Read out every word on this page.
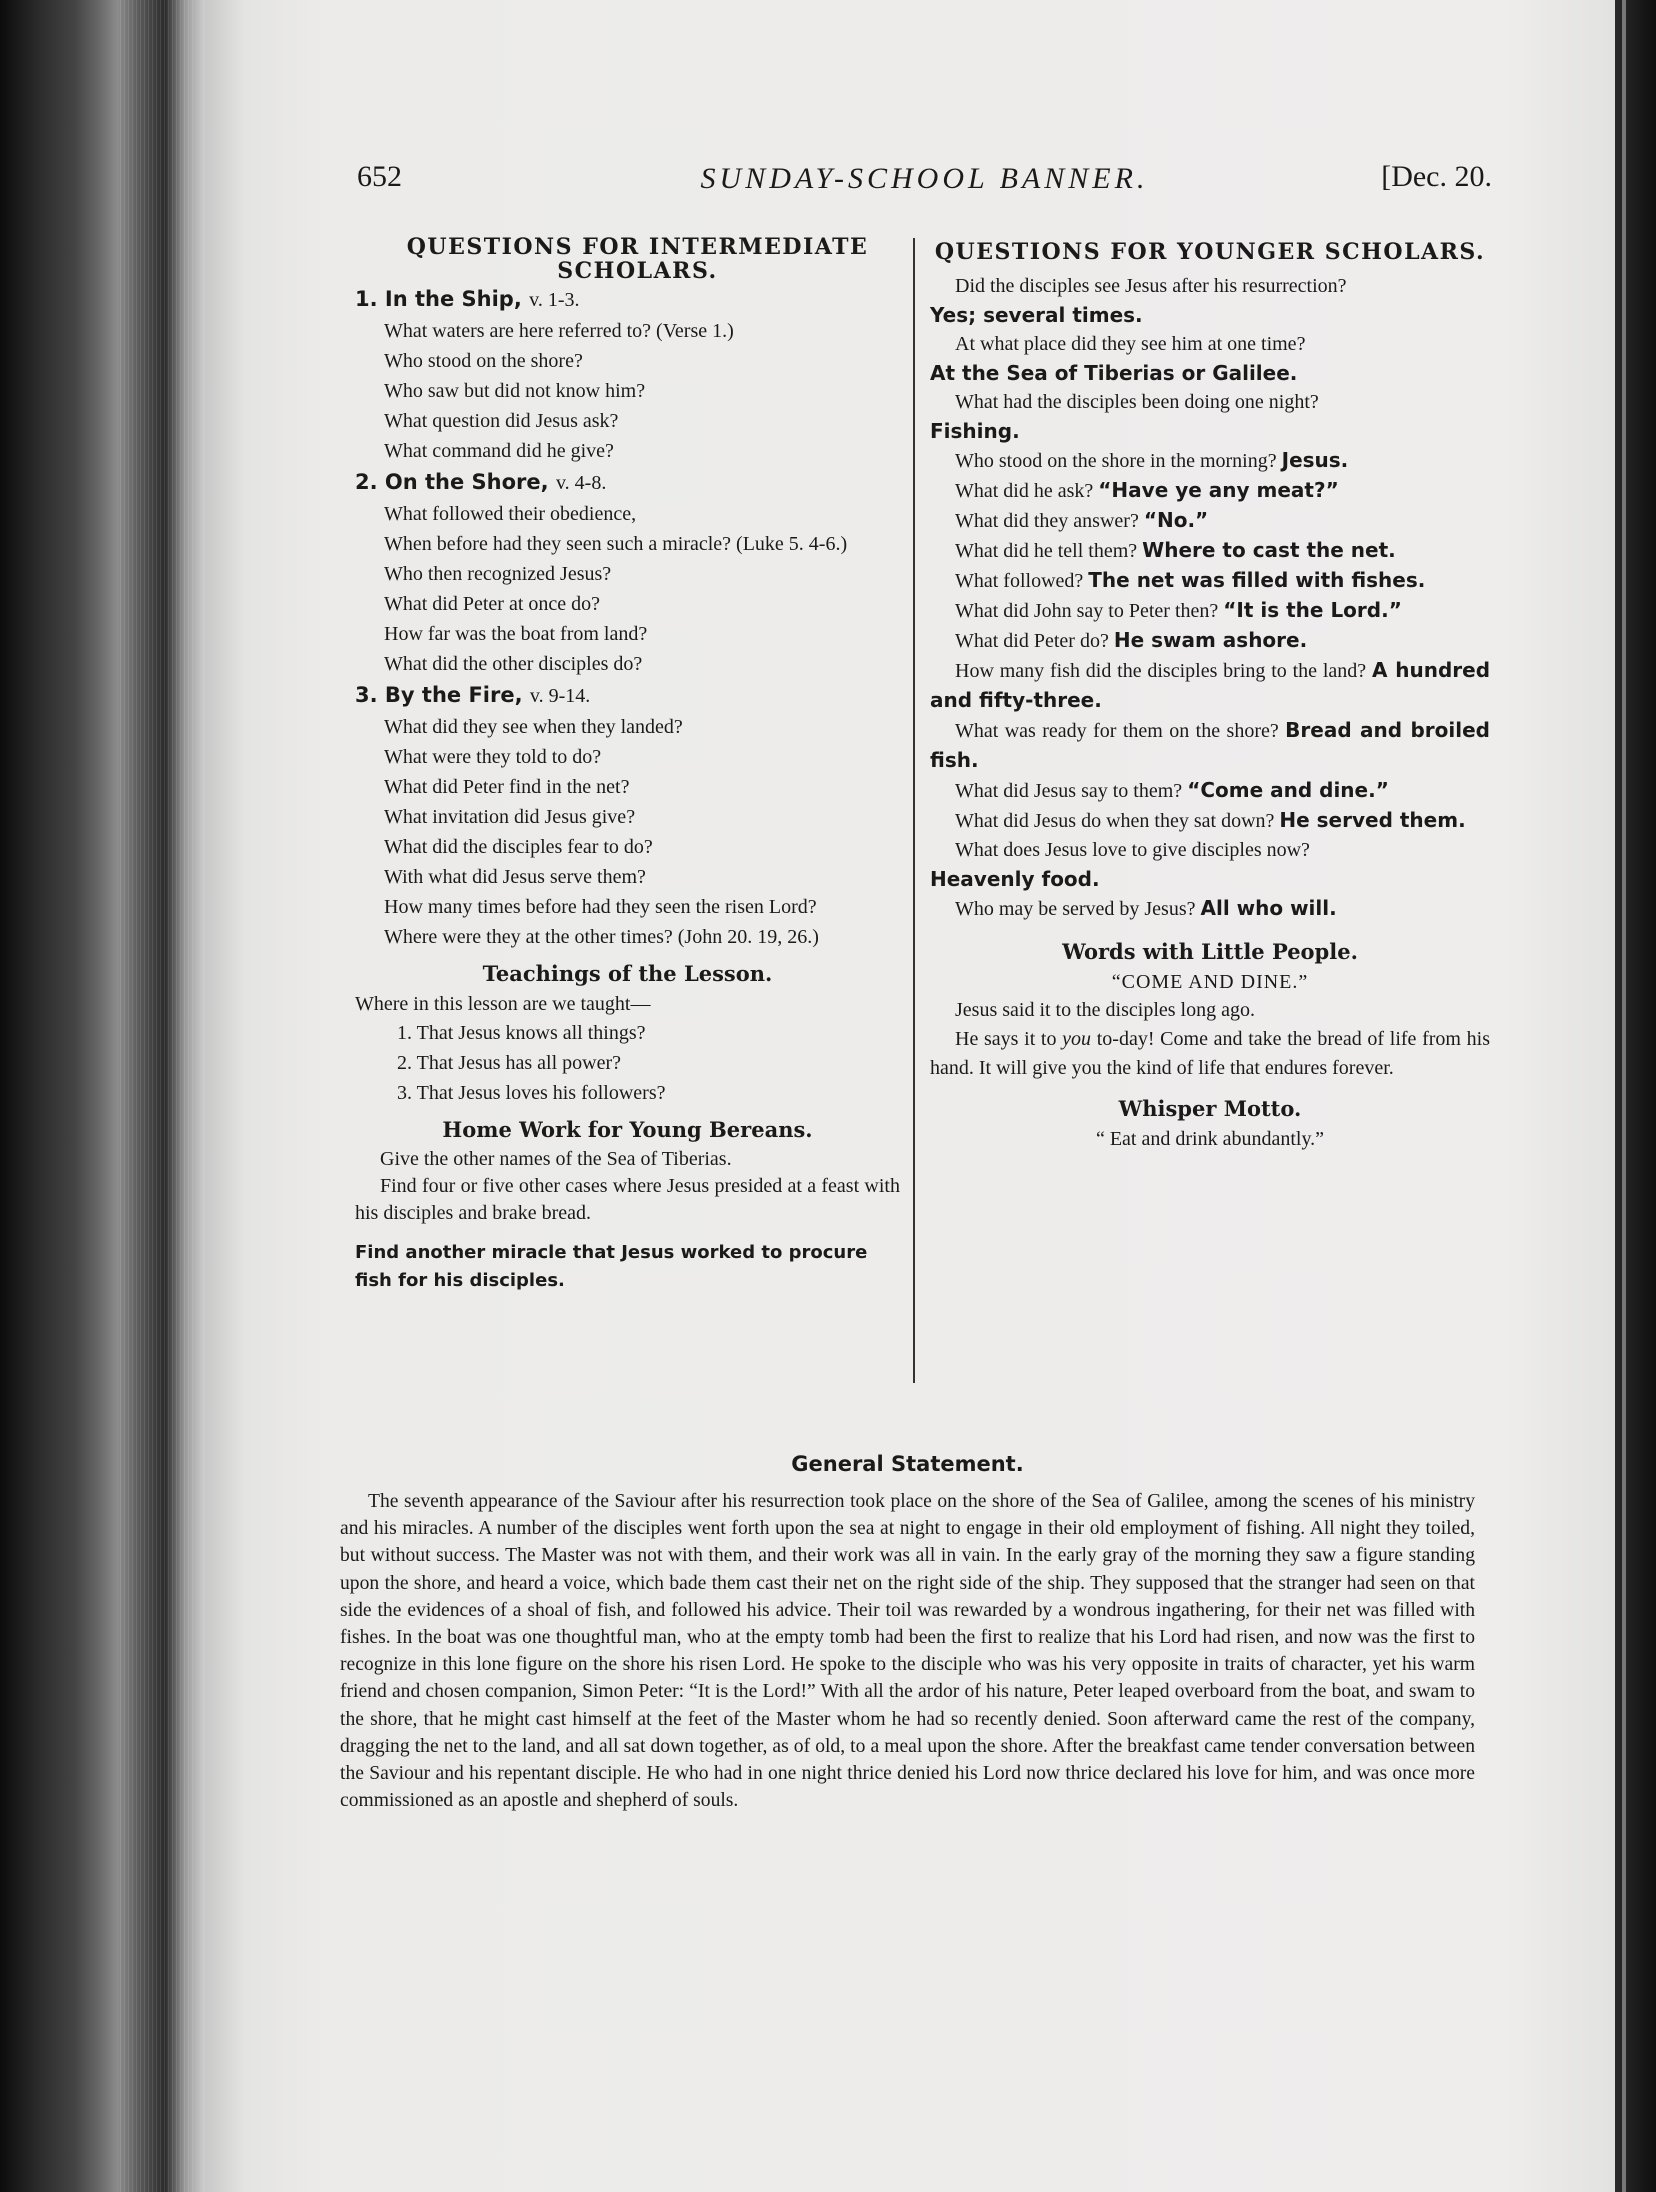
652	SUNDAY-SCHOOL BANNER.	[Dec. 20.
QUESTIONS FOR INTERMEDIATE SCHOLARS.
1. In the Ship, v. 1-3.

What waters are here referred to? (Verse 1.)

Who stood on the shore?

Who saw but did not know him?

What question did Jesus ask?

What command did he give?

2. On the Shore, v. 4-8.

What followed their obedience,

When before had they seen such a miracle? (Luke 5. 4-6.)

Who then recognized Jesus?

What did Peter at once do?

How far was the boat from land?

What did the other disciples do?

3. By the Fire, v. 9-14.

What did they see when they landed?

What were they told to do?

What did Peter find in the net?

What invitation did Jesus give?

What did the disciples fear to do?

With what did Jesus serve them?

How many times before had they seen the risen Lord?

Where were they at the other times? (John 20. 19, 26.)

Teachings of the Lesson.

Where in this lesson are we taught—

1. That Jesus knows all things?

2. That Jesus has all power?

3. That Jesus loves his followers?

Home Work for Young Bereans.

Give the other names of the Sea of Tiberias.

Find four or five other cases where Jesus presided at a feast with his disciples and brake bread.

Find another miracle that Jesus worked to procure fish for his disciples.

QUESTIONS FOR YOUNGER SCHOLARS.

Did the disciples see Jesus after his resurrection?

Yes; several times.

At what place did they see him at one time?

At the Sea of Tiberias or Galilee.

What had the disciples been doing one night?

Fishing.

Who stood on the shore in the morning? Jesus.

What did he ask? “Have ye any meat?”

What did they answer? “No.”

What did he tell them? Where to cast the net.

What followed? The net was filled with fishes.

What did John say to Peter then? “It is the Lord.”

What did Peter do? He swam ashore.

How many fish did the disciples bring to the land? A hundred and fifty-three.

What was ready for them on the shore? Bread and broiled fish.

What did Jesus say to them? “Come and dine.”

What did Jesus do when they sat down? He served them.

What does Jesus love to give disciples now?

Heavenly food.

Who may be served by Jesus? All who will.

Words with Little People.

“COME AND DINE.”

Jesus said it to the disciples long ago.

He says it to you to-day! Come and take the bread of life from his hand. It will give you the kind of life that endures forever.

Whisper Motto.

“ Eat and drink abundantly.”

General Statement.

The seventh appearance of the Saviour after his resurrection took place on the shore of the Sea of Galilee, among the scenes of his ministry and his miracles. A number of the disciples went forth upon the sea at night to engage in their old employment of fishing. All night they toiled, but without success. The Master was not with them, and their work was all in vain. In the early gray of the morning they saw a figure standing upon the shore, and heard a voice, which bade them cast their net on the right side of the ship. They supposed that the stranger had seen on that side the evidences of a shoal of fish, and followed his advice. Their toil was rewarded by a wondrous ingathering, for their net was filled with fishes. In the boat was one thoughtful man, who at the empty tomb had been the first to realize that his Lord had risen, and now was the first to recognize in this lone figure on the shore his risen Lord. He spoke to the disciple who was his very opposite in traits of character, yet his warm friend and chosen companion, Simon Peter: “It is the Lord!” With all the ardor of his nature, Peter leaped overboard from the boat, and swam to the shore, that he might cast himself at the feet of the Master whom he had so recently denied. Soon afterward came the rest of the company, dragging the net to the land, and all sat down together, as of old, to a meal upon the shore. After the breakfast came tender conversation between the Saviour and his repentant disciple. He who had in one night thrice denied his Lord now thrice declared his love for him, and was once more commissioned as an apostle and shepherd of souls.
